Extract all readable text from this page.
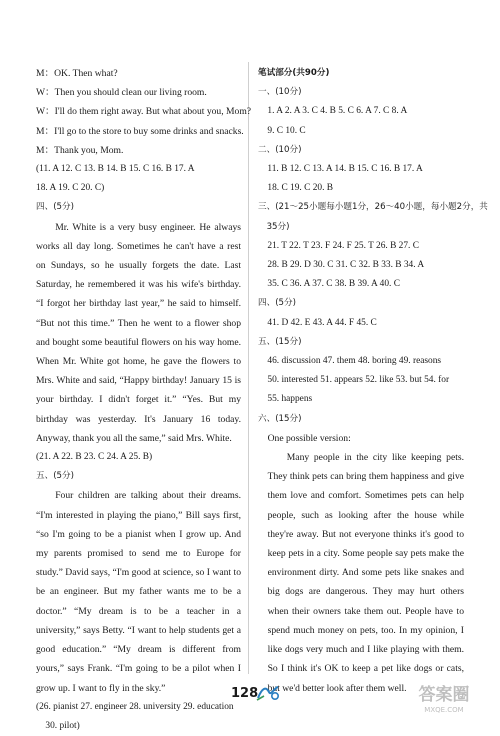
M：OK. Then what?
W：Then you should clean our living room.
W：I'll do them right away. But what about you, Mom?
M：I'll go to the store to buy some drinks and snacks.
M：Thank you, Mom.
(11. A 12. C 13. B 14. B 15. C 16. B 17. A
18. A 19. C 20. C)
四、(5分)
Mr. White is a very busy engineer. He always works all day long. Sometimes he can't have a rest on Sundays, so he usually forgets the date. Last Saturday, he remembered it was his wife's birthday. “I forgot her birthday last year,” he said to himself. “But not this time.” Then he went to a flower shop and bought some beautiful flowers on his way home. When Mr. White got home, he gave the flowers to Mrs. White and said, “Happy birthday! January 15 is your birthday. I didn't forget it.” “Yes. But my birthday was yesterday. It's January 16 today. Anyway, thank you all the same,” said Mrs. White.
(21. A 22. B 23. C 24. A 25. B)
五、(5分)
Four children are talking about their dreams. “I'm interested in playing the piano,” Bill says first, “so I'm going to be a pianist when I grow up. And my parents promised to send me to Europe for study.” David says, “I'm good at science, so I want to be an engineer. But my father wants me to be a doctor.” “My dream is to be a teacher in a university,” says Betty. “I want to help students get a good education.” “My dream is different from yours,” says Frank. “I'm going to be a pilot when I grow up. I want to fly in the sky.”
(26. pianist 27. engineer 28. university 29. education
30. pilot)
笔试部分(共90分)
一、(10分)
1. A 2. A 3. C 4. B 5. C 6. A 7. C 8. A
9. C 10. C
二、(10分)
11. B 12. C 13. A 14. B 15. C 16. B 17. A
18. C 19. C 20. B
三、(21～25小题每小题1分，26～40小题，每小题2分，共
35分)
21. T 22. T 23. F 24. F 25. T 26. B 27. C
28. B 29. D 30. C 31. C 32. B 33. B 34. A
35. C 36. A 37. C 38. B 39. A 40. C
四、(5分)
41. D 42. E 43. A 44. F 45. C
五、(15分)
46. discussion 47. them 48. boring 49. reasons
50. interested 51. appears 52. like 53. but 54. for
55. happens
六、(15分)
One possible version:
Many people in the city like keeping pets. They think pets can bring them happiness and give them love and comfort. Sometimes pets can help people, such as looking after the house while they're away. But not everyone thinks it's good to keep pets in a city. Some people say pets make the environment dirty. And some pets like snakes and big dogs are dangerous. They may hurt others when their owners take them out. People have to spend much money on pets, too. In my opinion, I like dogs very much and I like playing with them. So I think it's OK to keep a pet like dogs or cats, but we'd better look after them well.
128	答案圈
MXQE.COM
